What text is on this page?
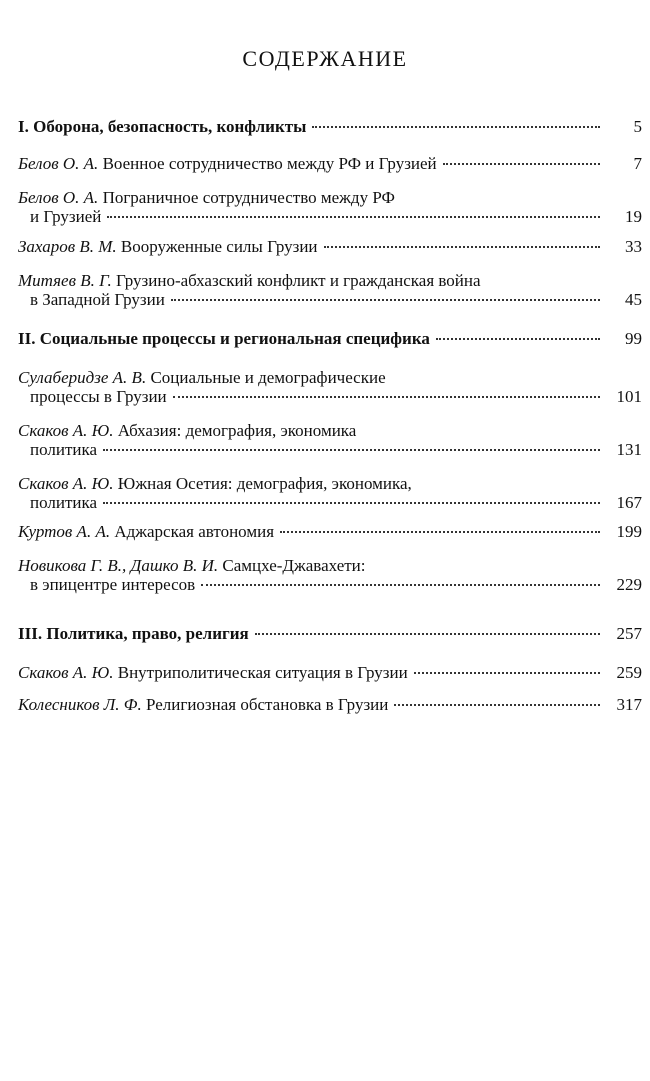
СОДЕРЖАНИЕ
I. Оборона, безопасность, конфликты	5
Белов О. А. Военное сотрудничество между РФ и Грузией	7
Белов О. А. Пограничное сотрудничество между РФ
и Грузией	19
Захаров В. М. Вооруженные силы Грузии	33
Митяев В. Г. Грузино-абхазский конфликт и гражданская война
в Западной Грузии	45
II. Социальные процессы и региональная специфика	99
Сулаберидзе А. В. Социальные и демографические
процессы в Грузии	101
Скаков А. Ю. Абхазия: демография, экономика
политика	131
Скаков А. Ю. Южная Осетия: демография, экономика,
политика	167
Куртов А. А. Аджарская автономия	199
Новикова Г. В., Дашко В. И. Самцхе-Джавахети:
в эпицентре интересов	229
III. Политика, право, религия	257
Скаков А. Ю. Внутриполитическая ситуация в Грузии	259
Колесников Л. Ф. Религиозная обстановка в Грузии	317
